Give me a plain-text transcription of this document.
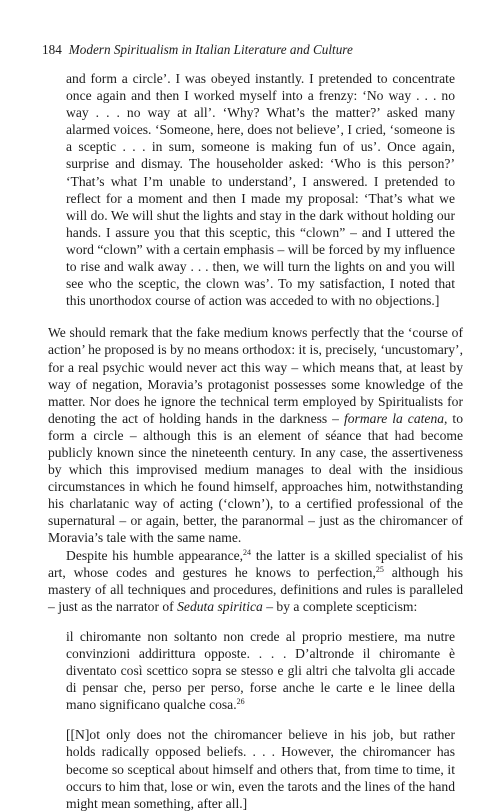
184 Modern Spiritualism in Italian Literature and Culture

and form a circle’. I was obeyed instantly. I pretended to concentrate once again and then I worked myself into a frenzy: ‘No way . . . no way . . . no way at all’. ‘Why? What’s the matter?’ asked many alarmed voices. ‘Someone, here, does not believe’, I cried, ‘someone is a sceptic . . . in sum, someone is making fun of us’. Once again, surprise and dismay. The householder asked: ‘Who is this person?’ ‘That’s what I’m unable to understand’, I answered. I pretended to reflect for a moment and then I made my proposal: ‘That’s what we will do. We will shut the lights and stay in the dark without holding our hands. I assure you that this sceptic, this “clown” – and I uttered the word “clown” with a certain emphasis – will be forced by my influence to rise and walk away . . . then, we will turn the lights on and you will see who the sceptic, the clown was’. To my satisfaction, I noted that this unorthodox course of action was acceded to with no objections.]

We should remark that the fake medium knows perfectly that the ‘course of action’ he proposed is by no means orthodox: it is, precisely, ‘uncustomary’, for a real psychic would never act this way – which means that, at least by way of negation, Moravia’s protagonist possesses some knowledge of the matter. Nor does he ignore the technical term employed by Spiritualists for denoting the act of holding hands in the darkness – formare la catena, to form a circle – although this is an element of séance that had become publicly known since the nineteenth century. In any case, the assertiveness by which this improvised medium manages to deal with the insidious circumstances in which he found himself, approaches him, notwithstanding his charlatanic way of acting (‘clown’), to a certified professional of the supernatural – or again, better, the paranormal – just as the chiromancer of Moravia’s tale with the same name.

Despite his humble appearance,$^{24}$ the latter is a skilled specialist of his art, whose codes and gestures he knows to perfection,$^{25}$ although his mastery of all techniques and procedures, definitions and rules is paralleled – just as the narrator of Seduta spiritica – by a complete scepticism:

il chiromante non soltanto non crede al proprio mestiere, ma nutre convinzioni addirittura opposte. . . . D’altronde il chiromante è diventato così scettico sopra se stesso e gli altri che talvolta gli accade di pensar che, perso per perso, forse anche le carte e le linee della mano significano qualche cosa.$^{26}$

[[N]ot only does not the chiromancer believe in his job, but rather holds radically opposed beliefs. . . . However, the chiromancer has become so sceptical about himself and others that, from time to time, it occurs to him that, lose or win, even the tarots and the lines of the hand might mean something, after all.]
